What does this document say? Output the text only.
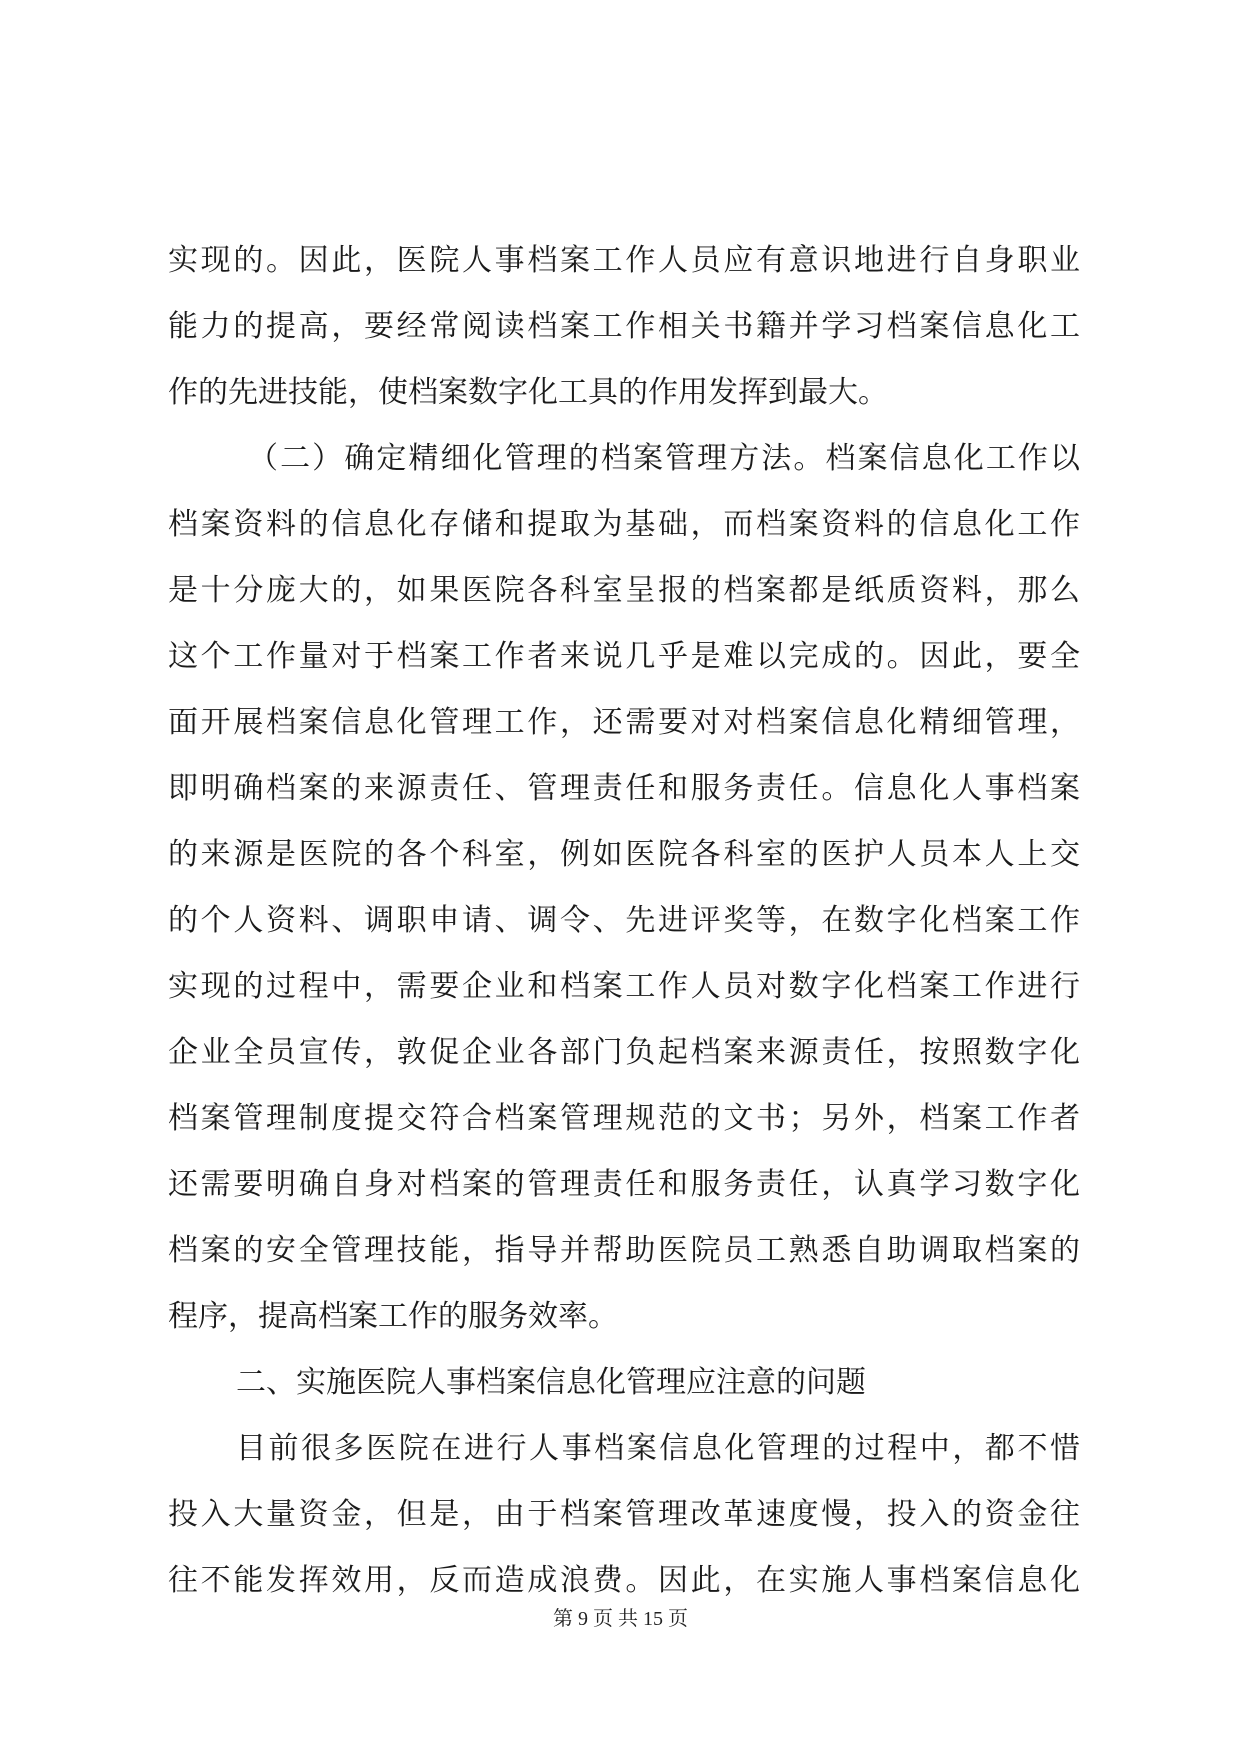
实现的。因此，医院人事档案工作人员应有意识地进行自身职业
能力的提高，要经常阅读档案工作相关书籍并学习档案信息化工
作的先进技能，使档案数字化工具的作用发挥到最大。
（二）确定精细化管理的档案管理方法。档案信息化工作以
档案资料的信息化存储和提取为基础，而档案资料的信息化工作
是十分庞大的，如果医院各科室呈报的档案都是纸质资料，那么
这个工作量对于档案工作者来说几乎是难以完成的。因此，要全
面开展档案信息化管理工作，还需要对对档案信息化精细管理，
即明确档案的来源责任、管理责任和服务责任。信息化人事档案
的来源是医院的各个科室，例如医院各科室的医护人员本人上交
的个人资料、调职申请、调令、先进评奖等，在数字化档案工作
实现的过程中，需要企业和档案工作人员对数字化档案工作进行
企业全员宣传，敦促企业各部门负起档案来源责任，按照数字化
档案管理制度提交符合档案管理规范的文书；另外，档案工作者
还需要明确自身对档案的管理责任和服务责任，认真学习数字化
档案的安全管理技能，指导并帮助医院员工熟悉自助调取档案的
程序，提高档案工作的服务效率。
二、实施医院人事档案信息化管理应注意的问题
目前很多医院在进行人事档案信息化管理的过程中，都不惜
投入大量资金，但是，由于档案管理改革速度慢，投入的资金往
往不能发挥效用，反而造成浪费。因此，在实施人事档案信息化
第 9 页 共 15 页
